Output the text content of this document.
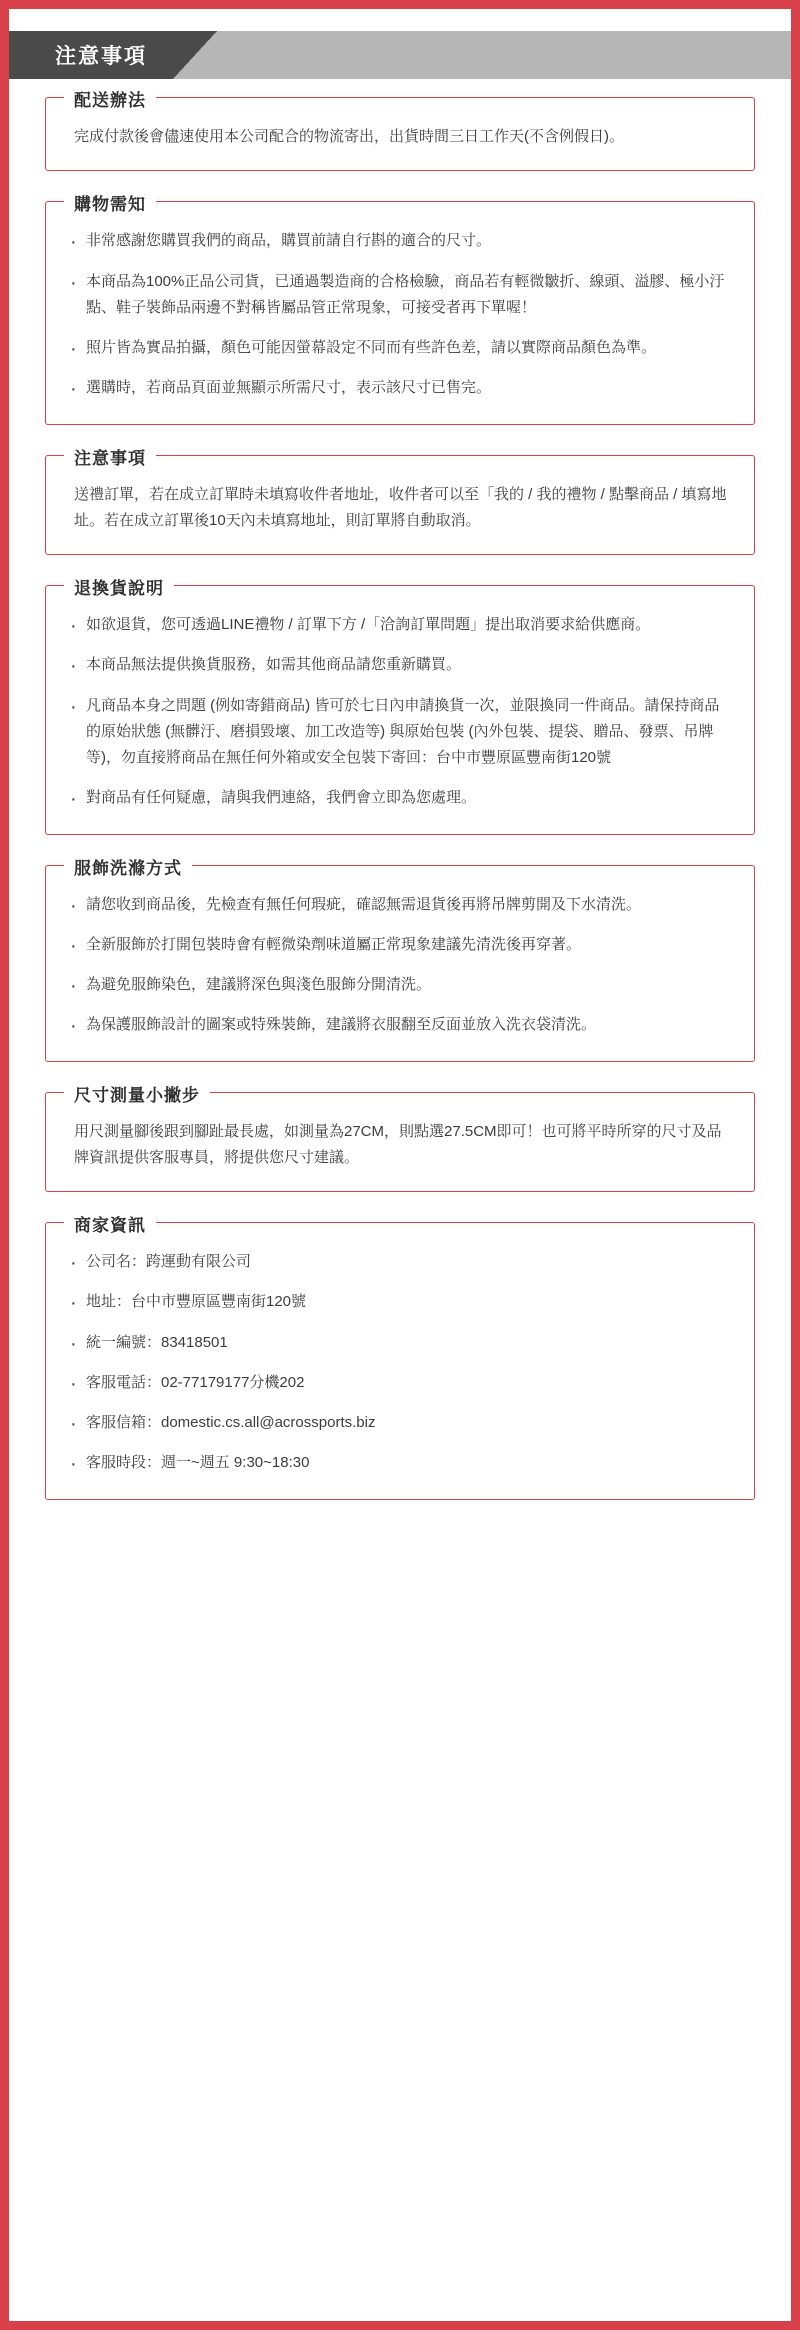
注意事項
配送辦法
完成付款後會儘速使用本公司配合的物流寄出，出貨時間三日工作天(不含例假日)。
購物需知
· 非常感謝您購買我們的商品，購買前請自行斟的適合的尺寸。
· 本商品為100%正品公司貨，已通過製造商的合格檢驗，商品若有輕微皺折、線頭、溢膠、極小汙點、鞋子裝飾品兩邊不對稱皆屬品管正常現象，可接受者再下單喔！
· 照片皆為實品拍攝，顏色可能因螢幕設定不同而有些許色差，請以實際商品顏色為準。
· 選購時，若商品頁面並無顯示所需尺寸，表示該尺寸已售完。
注意事項
送禮訂單，若在成立訂單時未填寫收件者地址，收件者可以至「我的 / 我的禮物 / 點擊商品 / 填寫地址。若在成立訂單後10天內未填寫地址，則訂單將自動取消。
退換貨說明
· 如欲退貨，您可透過LINE禮物 / 訂單下方 /「洽詢訂單問題」提出取消要求給供應商。
· 本商品無法提供換貨服務，如需其他商品請您重新購買。
· 凡商品本身之問題 (例如寄錯商品) 皆可於七日內申請換貨一次，並限換同一件商品。請保持商品的原始狀態 (無髒汙、磨損毀壞、加工改造等) 與原始包裝 (內外包裝、提袋、贈品、發票、吊牌等)，勿直接將商品在無任何外箱或安全包裝下寄回：台中市豐原區豐南街120號
· 對商品有任何疑慮，請與我們連絡，我們會立即為您處理。
服飾洗滌方式
· 請您收到商品後，先檢查有無任何瑕疵，確認無需退貨後再將吊牌剪開及下水清洗。
· 全新服飾於打開包裝時會有輕微染劑味道屬正常現象建議先清洗後再穿著。
· 為避免服飾染色，建議將深色與淺色服飾分開清洗。
· 為保護服飾設計的圖案或特殊裝飾，建議將衣服翻至反面並放入洗衣袋清洗。
尺寸測量小撇步
用尺測量腳後跟到腳趾最長處，如測量為27CM，則點選27.5CM即可！也可將平時所穿的尺寸及品牌資訊提供客服專員，將提供您尺寸建議。
商家資訊
· 公司名：跨運動有限公司
· 地址：台中市豐原區豐南街120號
· 統一編號：83418501
· 客服電話：02-77179177分機202
· 客服信箱：domestic.cs.all@acrossports.biz
· 客服時段：週一~週五 9:30~18:30
